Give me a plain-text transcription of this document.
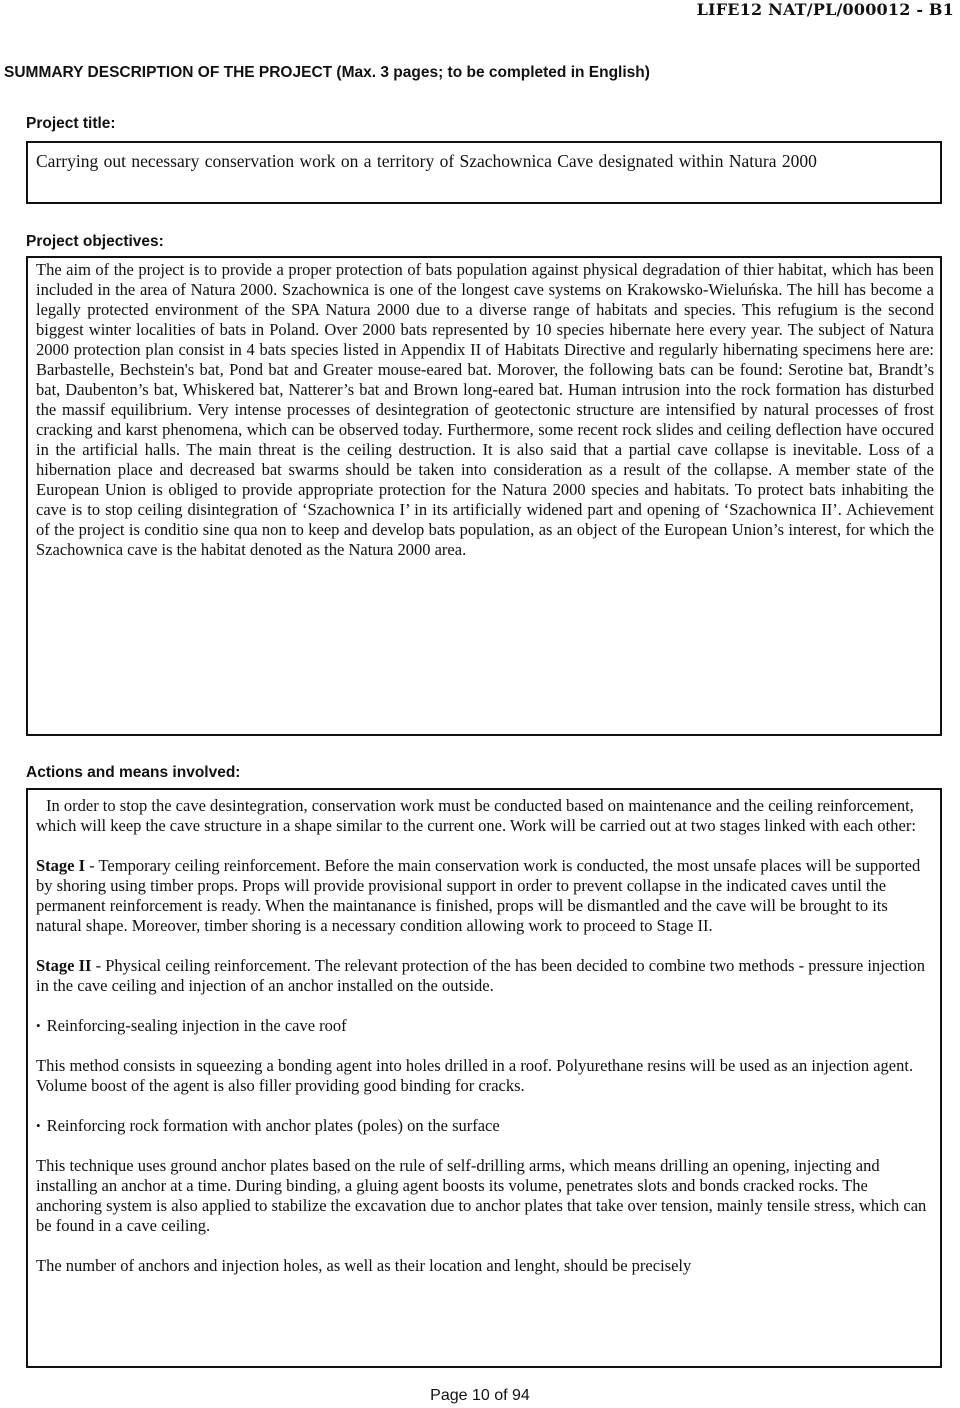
LIFE12 NAT/PL/000012 - B1
SUMMARY DESCRIPTION OF THE PROJECT (Max. 3 pages; to be completed in English)
Project title:
Carrying out necessary conservation work on a territory of Szachownica Cave designated within Natura 2000
Project objectives:
The aim of the project is to provide a proper protection of bats population against physical degradation of thier habitat, which has been included in the area of Natura 2000. Szachownica is one of the longest cave systems on Krakowsko-Wieluńska. The hill has become a legally protected environment of the SPA Natura 2000 due to a diverse range of habitats and species. This refugium is the second biggest winter localities of bats in Poland. Over 2000 bats represented by 10 species hibernate here every year. The subject of Natura 2000 protection plan consist in 4 bats species listed in Appendix II of Habitats Directive and regularly hibernating specimens here are: Barbastelle, Bechstein's bat, Pond bat and Greater mouse-eared bat. Morover, the following bats can be found: Serotine bat, Brandt’s bat, Daubenton’s bat, Whiskered bat, Natterer’s bat and Brown long-eared bat. Human intrusion into the rock formation has disturbed the massif equilibrium. Very intense processes of desintegration of geotectonic structure are intensified by natural processes of frost cracking and karst phenomena, which can be observed today. Furthermore, some recent rock slides and ceiling deflection have occured in the artificial halls. The main threat is the ceiling destruction. It is also said that a partial cave collapse is inevitable. Loss of a hibernation place and decreased bat swarms should be taken into consideration as a result of the collapse. A member state of the European Union is obliged to provide appropriate protection for the Natura 2000 species and habitats. To protect bats inhabiting the cave is to stop ceiling disintegration of ‘Szachownica I’ in its artificially widened part and opening of ‘Szachownica II’. Achievement of the project is conditio sine qua non to keep and develop bats population, as an object of the European Union’s interest, for which the Szachownica cave is the habitat denoted as the Natura 2000 area.
Actions and means involved:

In order to stop the cave desintegration, conservation work must be conducted based on maintenance and the ceiling reinforcement, which will keep the cave structure in a shape similar to the current one. Work will be carried out at two stages linked with each other:

Stage I - Temporary ceiling reinforcement. Before the main conservation work is conducted, the most unsafe places will be supported by shoring using timber props. Props will provide provisional support in order to prevent collapse in the indicated caves until the permanent reinforcement is ready. When the maintanance is finished, props will be dismantled and the cave will be brought to its natural shape. Moreover, timber shoring is a necessary condition allowing work to proceed to Stage II.

Stage II - Physical ceiling reinforcement. The relevant protection of the has been decided to combine two methods - pressure injection in the cave ceiling and injection of an anchor installed on the outside.

• Reinforcing-sealing injection in the cave roof

This method consists in squeezing a bonding agent into holes drilled in a roof. Polyurethane resins will be used as an injection agent. Volume boost of the agent is also filler providing good binding for cracks.

• Reinforcing rock formation with anchor plates (poles) on the surface

This technique uses ground anchor plates based on the rule of self-drilling arms, which means drilling an opening, injecting and installing an anchor at a time. During binding, a gluing agent boosts its volume, penetrates slots and bonds cracked rocks. The anchoring system is also applied to stabilize the excavation due to anchor plates that take over tension, mainly tensile stress, which can be found in a cave ceiling.

The number of anchors and injection holes, as well as their location and lenght, should be precisely

Page 10 of 94
